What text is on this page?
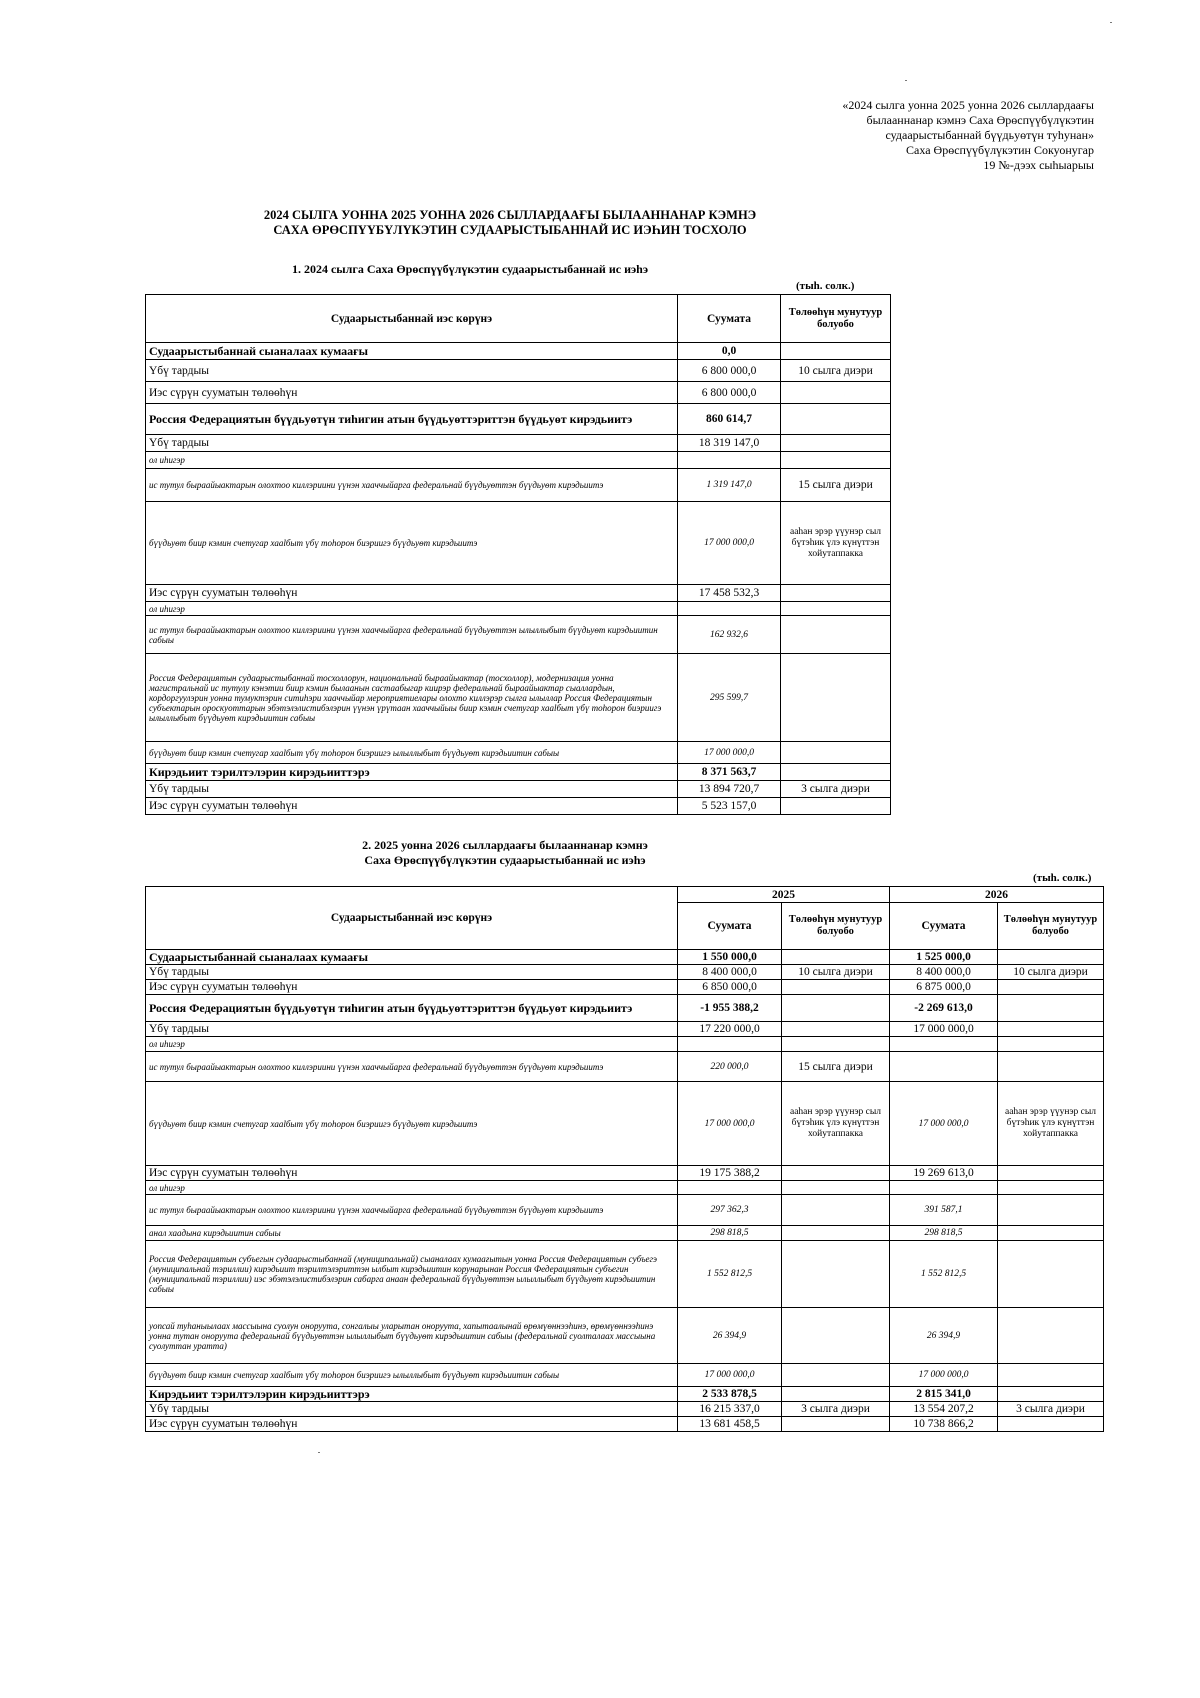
«2024 сылга уонна 2025 уонна 2026 сыллардаағы
былааннанар кэмнэ Саха Өрөспүүбүлүкэтин
судаарыстыбаннай бүүдьуөтүн туһунан»
Саха Өрөспүүбүлүкэтин Сокуонугар
19 №-дээх сыһыарыы
2024 СЫЛГА УОННА 2025 УОННА 2026 СЫЛЛАРДААҒЫ БЫЛААННАНАР КЭМНЭ
САХА ӨРӨСПҮҮБҮЛҮКЭТИН СУДААРЫСТЫБАННАЙ ИС ИЭҺИН ТОСХОЛО
1. 2024 сылга Саха Өрөспүүбүлүкэтин судаарыстыбаннай ис иэһэ
(тыh. солк.)
Судаарыстыбаннай иэс көрүнэ	Суумата	Төлөөһүн мунутуур болуобо
Судаарыстыбаннай сыаналаах кумаағы	0,0	
Үбү тардыы	6 800 000,0	10 сылга диэри
Иэс сүрүн сууматын төлөөһүн	6 800 000,0	
Россия Федерациятын бүүдьуөтүн тиһигин атын бүүдьуөттэриттэн бүүдьуөт кирэдьиитэ	860 614,7	
Үбү тардыы	18 319 147,0	
ол иhигэр		
ис тутул быраайыактарын олохтоо киллэриини үүнэн хааччыйарга федеральнай бүүдьуөттэн бүүдьуөт кирэдьиитэ	1 319 147,0	15 сылга диэри
бүүдьуөт биир кэмин счетугар хааlбыт үбү тоhоpон биэриигэ бүүдьуөт кирэдьиитэ	17 000 000,0	ааһан эрэр үүунэр сыл бүтэһик үлэ күнүттэн хойутаппакка
Иэс сүрүн сууматын төлөөһүн	17 458 532,3	
ол иhигэр		
ис тутул быраайыактарын олохтоо киллэриини үүнэн хааччыйарга федеральнай бүүдьуөттэн ылыллыбыт бүүдьуөт кирэдьиитин сабыы	162 932,6	
Россия Федерациятын судаарыстыбаннай тосхоллорун, национальнай быраайыактар (тосхоллор), модернизация уонна магистральнай ис тутулу кэнэтии биир кэмин былаанын састаабыгар киирэр федеральнай быраайыактар сыаллардын, кордоргуулэрин уонна тумуктэрин ситиhэри хааччыйар мероприятиелары олохто киллэрэр сылга ылыллар Россия Федерациятын субъектарын ороскуоттарын эбэтэлэлистибэлэрин үүнэн үрүтаан хааччыйыы биир кэмин счетугар хааlбыт үбү тоhоpон биэриигэ ылыллыбыт бүүдьуөт кирэдьиитин сабыы	295 599,7	
бүүдьуөт биир кэмин счетугар хааlбыт үбү тоhоpон биэриигэ ылыллыбыт бүүдьуөт кирэдьиитин сабыы	17 000 000,0	
Кирэдьиит тэрилтэлэрин кирэдьииттэрэ	8 371 563,7	
Үбү тардыы	13 894 720,7	3 сылга диэри
Иэс сүрүн сууматын төлөөһүн	5 523 157,0	
2. 2025 уонна 2026 сыллардаағы былааннанар кэмнэ
Саха Өрөспүүбүлүкэтин судаарыстыбаннай ис иэһэ
(тыh. солк.)
Судаарыстыбаннай иэс көрүнэ	2025		2026	
	Суумата	Төлөөһүн мунутуур болуобо	Суумата	Төлөөһүн мунутуур болуобо
Судаарыстыбаннай сыаналаах кумаағы	1 550 000,0		1 525 000,0	
Үбү тардыы	8 400 000,0	10 сылга диэри	8 400 000,0	10 сылга диэри
Иэс сүрүн сууматын төлөөһүн	6 850 000,0		6 875 000,0	
Россия Федерациятын бүүдьуөтүн тиһигин атын бүүдьуөттэриттэн бүүдьуөт кирэдьиитэ	-1 955 388,2		-2 269 613,0	
Үбү тардыы	17 220 000,0		17 000 000,0	
ол иhигэр				
ис тутул быраайыактарын олохтоо киллэриини үүнэн хааччыйарга федеральнай бүүдьуөттэн бүүдьуөт кирэдьиитэ	220 000,0	15 сылга диэри		
бүүдьуөт биир кэмин счетугар хааlбыт үбү тоhоpон биэриигэ бүүдьуөт кирэдьиитэ	17 000 000,0	ааһан эрэр үүунэр сыл бүтэһик үлэ күнүттэн хойутаппакка	17 000 000,0	ааһан эрэр үүунэр сыл бүтэһик үлэ күнүттэн хойутаппакка
Иэс сүрүн сууматын төлөөһүн	19 175 388,2		19 269 613,0	
ол иhигэр				
ис тутул быраайыактарын олохтоо киллэриини үүнэн хааччыйарга федеральнай бүүдьуөттэн бүүдьуөт кирэдьиитэ	297 362,3		391 587,1	
анал хаадына кирэдьиитин сабыы	298 818,5		298 818,5	
Россия Федерациятын субъегын судаарыстыбаннай (муниципальнай) сыаналаах кумаағытын уонна Россия Федерациятын субъегэ (муниципальнай тэриллии) кирэдьиит тэрилтэлэриттэн ылбыт кирэдьиитин корунарынан Россия Федерациятын субъегин (муниципальнай тэриллии) иэс эбэтэлэлистибэлэрин сабарга анаан федеральнай бүүдьуөттэн ылыллыбыт бүүдьуөт кирэдьиитин сабыы	1 552 812,5		1 552 812,5	
уопсай туhаныылаах массыына суолун оноруута, сонгалыы уларытан оноруута, хапытаалынай өрөмүөннээhинэ, өрөмүөннээhинэ уонна тутан оноруута федеральнай бүүдьуөттэн ылыллыбыт бүүдьуөт кирэдьиитин сабыы (федеральнай суолталаах массыына суолуттан уратта)	26 394,9		26 394,9	
бүүдьуөт биир кэмин счетугар хааlбыт үбү тоhоpон биэриигэ ылыллыбыт бүүдьуөт кирэдьиитин сабыы	17 000 000,0		17 000 000,0	
Кирэдьиит тэрилтэлэрин кирэдьииттэрэ	2 533 878,5		2 815 341,0	
Үбү тардыы	16 215 337,0	3 сылга диэри	13 554 207,2	3 сылга диэри
Иэс сүрүн сууматын төлөөһүн	13 681 458,5		10 738 866,2	
